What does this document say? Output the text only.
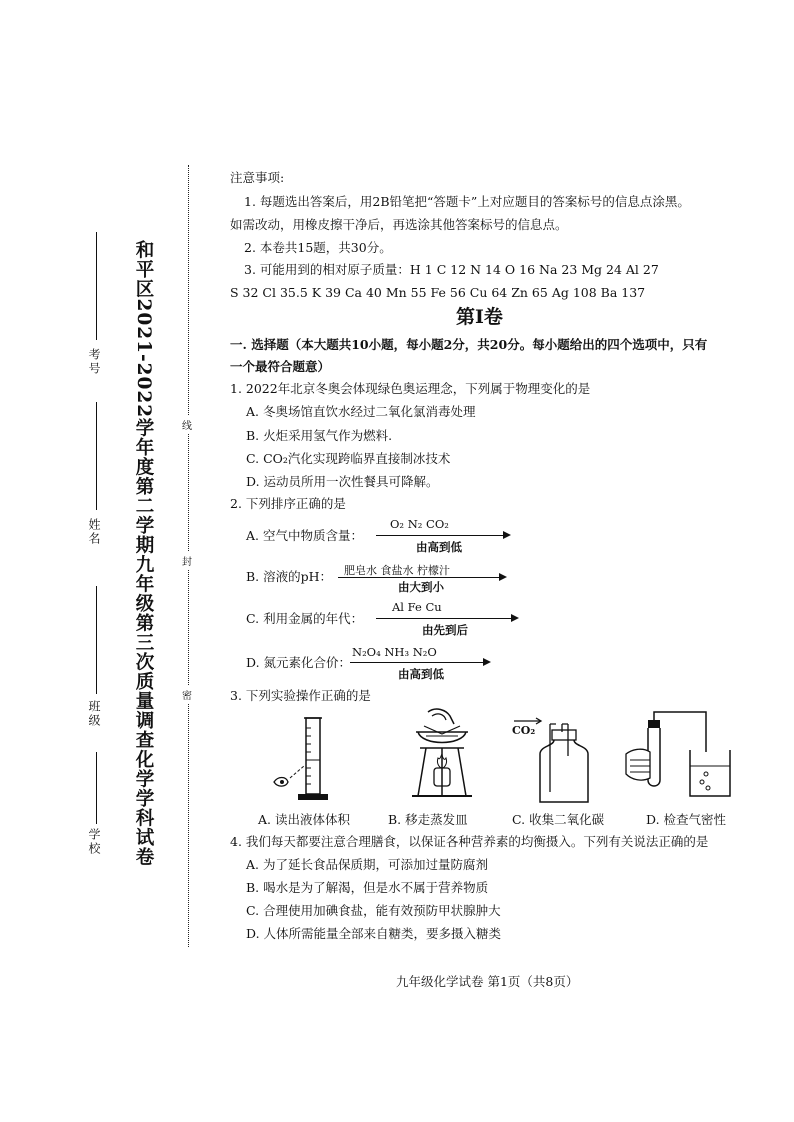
学校
班级
姓名
考号 和平区2021-2022学年度第二学期九年级第三次质量调查化学学科试卷	线
封
密
注意事项:
1. 每题选出答案后，用2B铅笔把“答题卡”上对应题目的答案标号的信息点涂黑。
如需改动，用橡皮擦干净后，再选涂其他答案标号的信息点。
2. 本卷共15题，共30分。
3. 可能用到的相对原子质量：H 1 C 12 N 14 O 16 Na 23 Mg 24 Al 27
S 32 Cl 35.5 K 39 Ca 40 Mn 55 Fe 56 Cu 64 Zn 65 Ag 108 Ba 137
第Ⅰ卷
一. 选择题（本大题共10小题，每小题2分，共20分。每小题给出的四个选项中，只有
一个最符合题意）
1. 2022年北京冬奥会体现绿色奥运理念，下列属于物理变化的是
A. 冬奥场馆直饮水经过二氧化氯消毒处理
B. 火炬采用氢气作为燃料.
C. CO₂汽化实现跨临界直接制冰技术
D. 运动员所用一次性餐具可降解。
2. 下列排序正确的是
A. 空气中物质含量：
O₂ N₂ CO₂
由高到低
B. 溶液的pH： 肥皂水 食盐水 柠檬汁
由大到小
C. 利用金属的年代：
Al Fe Cu
由先到后
D. 氮元素化合价：
N₂O₄ NH₃ N₂O
由高到低
3. 下列实验操作正确的是
CO₂
A. 读出液体体积	B. 移走蒸发皿	C. 收集二氧化碳	D. 检查气密性
4. 我们每天都要注意合理膳食，以保证各种营养素的均衡摄入。下列有关说法正确的是
A. 为了延长食品保质期，可添加过量防腐剂
B. 喝水是为了解渴，但是水不属于营养物质
C. 合理使用加碘食盐，能有效预防甲状腺肿大
D. 人体所需能量全部来自糖类，要多摄入糖类
九年级化学试卷 第1页（共8页）
